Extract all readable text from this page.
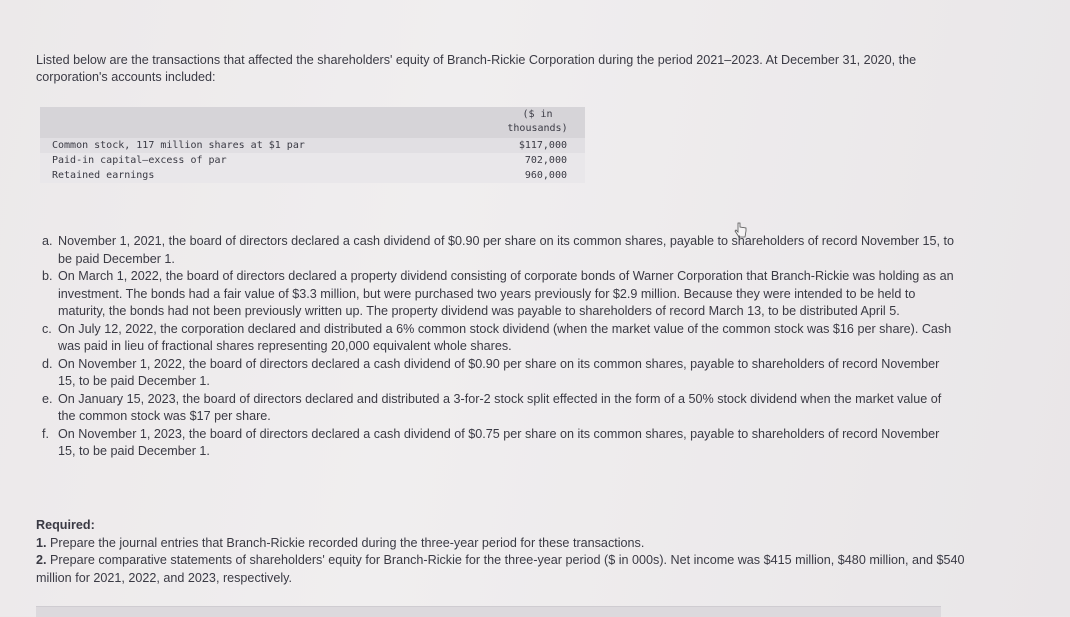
Listed below are the transactions that affected the shareholders' equity of Branch-Rickie Corporation during the period 2021–2023. At December 31, 2020, the corporation's accounts included:

($ in
thousands)
Common stock, 117 million shares at $1 par	$117,000
Paid-in capital—excess of par	702,000
Retained earnings	960,000
a. November 1, 2021, the board of directors declared a cash dividend of $0.90 per share on its common shares, payable to shareholders of record November 15, to be paid December 1.
b. On March 1, 2022, the board of directors declared a property dividend consisting of corporate bonds of Warner Corporation that Branch-Rickie was holding as an investment. The bonds had a fair value of $3.3 million, but were purchased two years previously for $2.9 million. Because they were intended to be held to maturity, the bonds had not been previously written up. The property dividend was payable to shareholders of record March 13, to be distributed April 5.
c. On July 12, 2022, the corporation declared and distributed a 6% common stock dividend (when the market value of the common stock was $16 per share). Cash was paid in lieu of fractional shares representing 20,000 equivalent whole shares.
d. On November 1, 2022, the board of directors declared a cash dividend of $0.90 per share on its common shares, payable to shareholders of record November 15, to be paid December 1.
e. On January 15, 2023, the board of directors declared and distributed a 3-for-2 stock split effected in the form of a 50% stock dividend when the market value of the common stock was $17 per share.
f. On November 1, 2023, the board of directors declared a cash dividend of $0.75 per share on its common shares, payable to shareholders of record November 15, to be paid December 1.
Required:
1. Prepare the journal entries that Branch-Rickie recorded during the three-year period for these transactions.
2. Prepare comparative statements of shareholders' equity for Branch-Rickie for the three-year period ($ in 000s). Net income was $415 million, $480 million, and $540 million for 2021, 2022, and 2023, respectively.
